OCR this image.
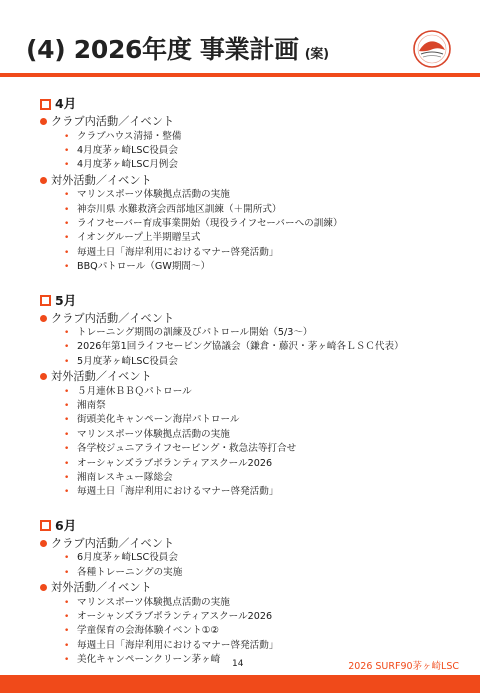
(4) 2026年度 事業計画 (案)
4月
クラブ内活動／イベント
• クラブハウス清掃・整備
• 4月度茅ヶ崎LSC役員会
• 4月度茅ヶ崎LSC月例会
対外活動／イベント
• マリンスポーツ体験拠点活動の実施
• 神奈川県 水難救済会西部地区訓練（＋開所式）
• ライフセーバー育成事業開始（現役ライフセーバーへの訓練）
• イオングループ上半期贈呈式
• 毎週土日「海岸利用におけるマナー啓発活動」
• BBQパトロール（GW期間～）
5月
クラブ内活動／イベント
• トレーニング期間の訓練及びパトロール開始（5/3～）
• 2026年第1回ライフセービング協議会（鎌倉・藤沢・茅ヶ崎各ＬＳＣ代表）
• 5月度茅ヶ崎LSC役員会
対外活動／イベント
• ５月連休ＢＢＱパトロール
• 湘南祭
• 街頭美化キャンペーン海岸パトロール
• マリンスポーツ体験拠点活動の実施
• 各学校ジュニアライフセービング・救急法等打合せ
• オーシャンズラブボランティアスクール2026
• 湘南レスキュー隊総会
• 毎週土日「海岸利用におけるマナー啓発活動」
6月
クラブ内活動／イベント
• 6月度茅ヶ崎LSC役員会
• 各種トレーニングの実施
対外活動／イベント
• マリンスポーツ体験拠点活動の実施
• オーシャンズラブボランティアスクール2026
• 学童保育の会海体験イベント①②
• 毎週土日「海岸利用におけるマナー啓発活動」
• 美化キャンペーンクリーン茅ヶ崎 14	2026 SURF90茅ヶ崎LSC
